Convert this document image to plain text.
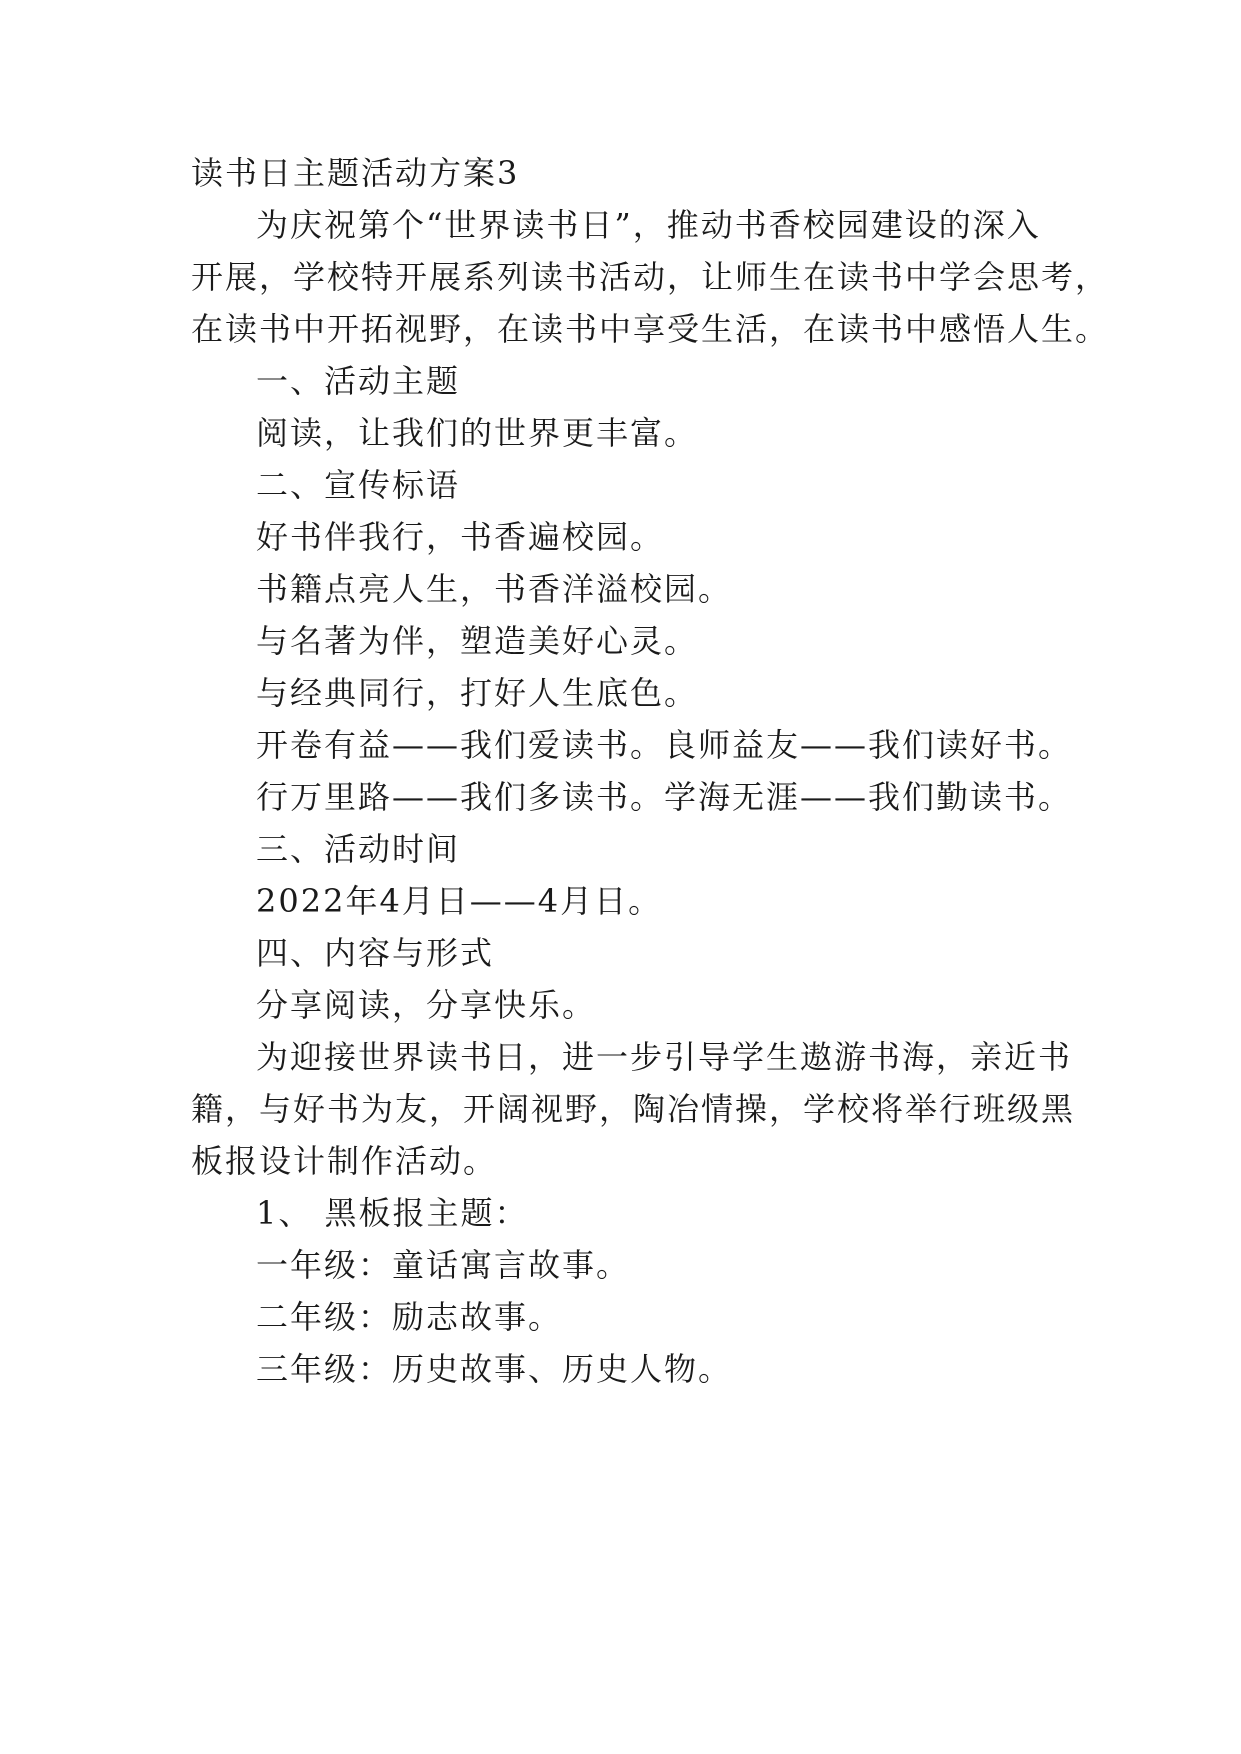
读书日主题活动方案3
为庆祝第个“世界读书日”，推动书香校园建设的深入
开展，学校特开展系列读书活动，让师生在读书中学会思考，
在读书中开拓视野，在读书中享受生活，在读书中感悟人生。
一、活动主题
阅读，让我们的世界更丰富。
二、宣传标语
好书伴我行，书香遍校园。
书籍点亮人生，书香洋溢校园。
与名著为伴，塑造美好心灵。
与经典同行，打好人生底色。
开卷有益——我们爱读书。良师益友——我们读好书。
行万里路——我们多读书。学海无涯——我们勤读书。
三、活动时间
2022年4月日——4月日。
四、内容与形式
分享阅读，分享快乐。
为迎接世界读书日，进一步引导学生遨游书海，亲近书
籍，与好书为友，开阔视野，陶冶情操，学校将举行班级黑
板报设计制作活动。
1、 黑板报主题：
一年级：童话寓言故事。
二年级：励志故事。
三年级：历史故事、历史人物。
